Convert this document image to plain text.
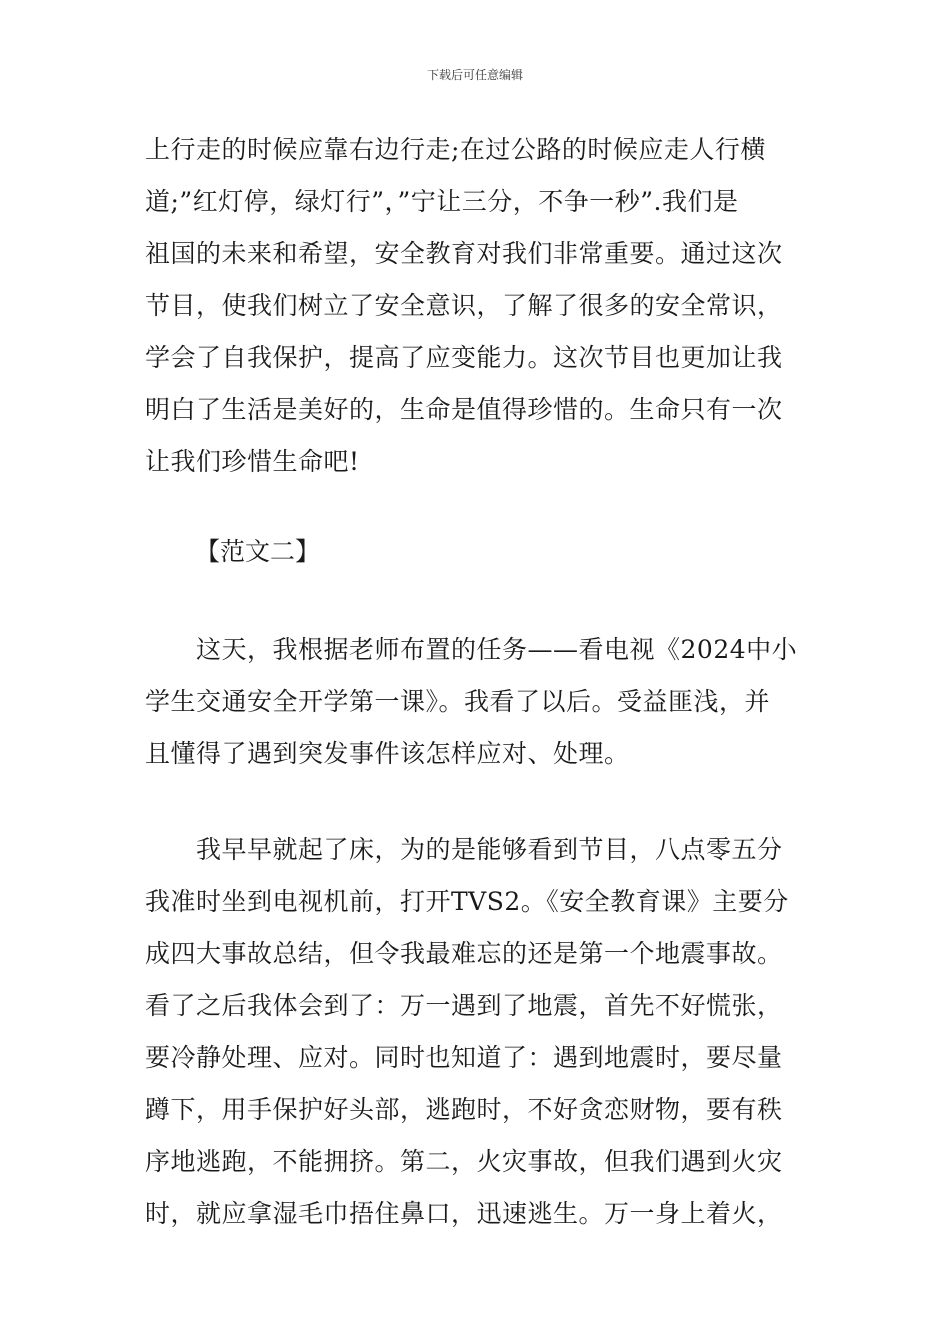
下载后可任意编辑
上行走的时候应靠右边行走;在过公路的时候应走人行横
道;”红灯停，绿灯行”，”宁让三分，不争一秒”.我们是
祖国的未来和希望，安全教育对我们非常重要。通过这次
节目，使我们树立了安全意识，了解了很多的安全常识，
学会了自我保护，提高了应变能力。这次节目也更加让我
明白了生活是美好的，生命是值得珍惜的。生命只有一次
让我们珍惜生命吧!
【范文二】
　　这天，我根据老师布置的任务——看电视《2024中小
学生交通安全开学第一课》。我看了以后。受益匪浅，并
且懂得了遇到突发事件该怎样应对、处理。
　　我早早就起了床，为的是能够看到节目，八点零五分
我准时坐到电视机前，打开TVS2。《安全教育课》主要分
成四大事故总结，但令我最难忘的还是第一个地震事故。
看了之后我体会到了：万一遇到了地震，首先不好慌张，
要冷静处理、应对。同时也知道了：遇到地震时，要尽量
蹲下，用手保护好头部，逃跑时，不好贪恋财物，要有秩
序地逃跑，不能拥挤。第二，火灾事故，但我们遇到火灾
时，就应拿湿毛巾捂住鼻口，迅速逃生。万一身上着火，
